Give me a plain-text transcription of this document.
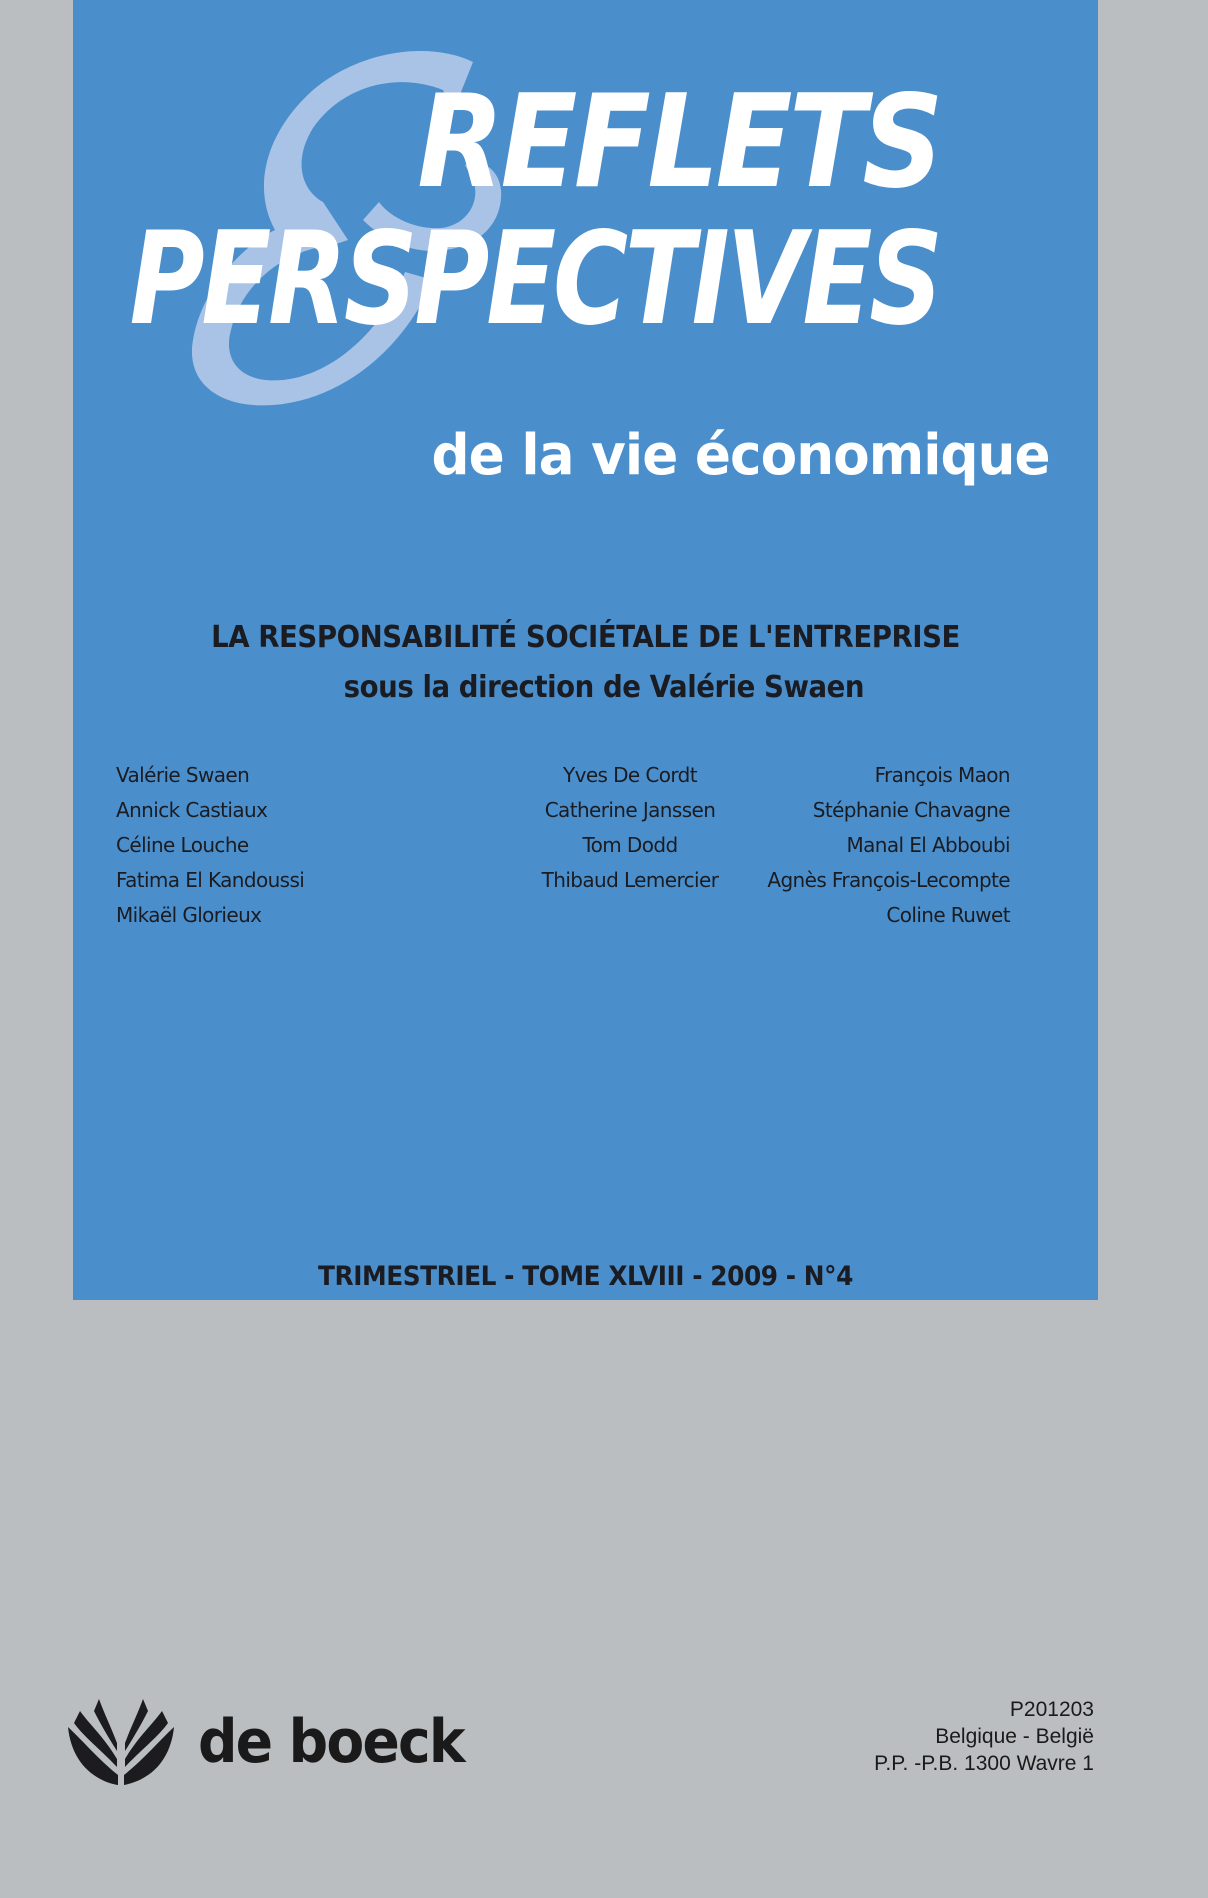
REFLETS
PERSPECTIVES
de la vie économique
LA RESPONSABILITÉ SOCIÉTALE DE L'ENTREPRISE
sous la direction de Valérie Swaen
Valérie Swaen
Annick Castiaux
Céline Louche
Fatima El Kandoussi
Mikaël Glorieux
Yves De Cordt
Catherine Janssen
Tom Dodd
Thibaud Lemercier
François Maon
Stéphanie Chavagne
Manal El Abboubi
Agnès François-Lecompte
Coline Ruwet
TRIMESTRIEL - TOME XLVIII - 2009 - N°4
de boeck	P201203
Belgique - België
P.P. -P.B. 1300 Wavre 1
